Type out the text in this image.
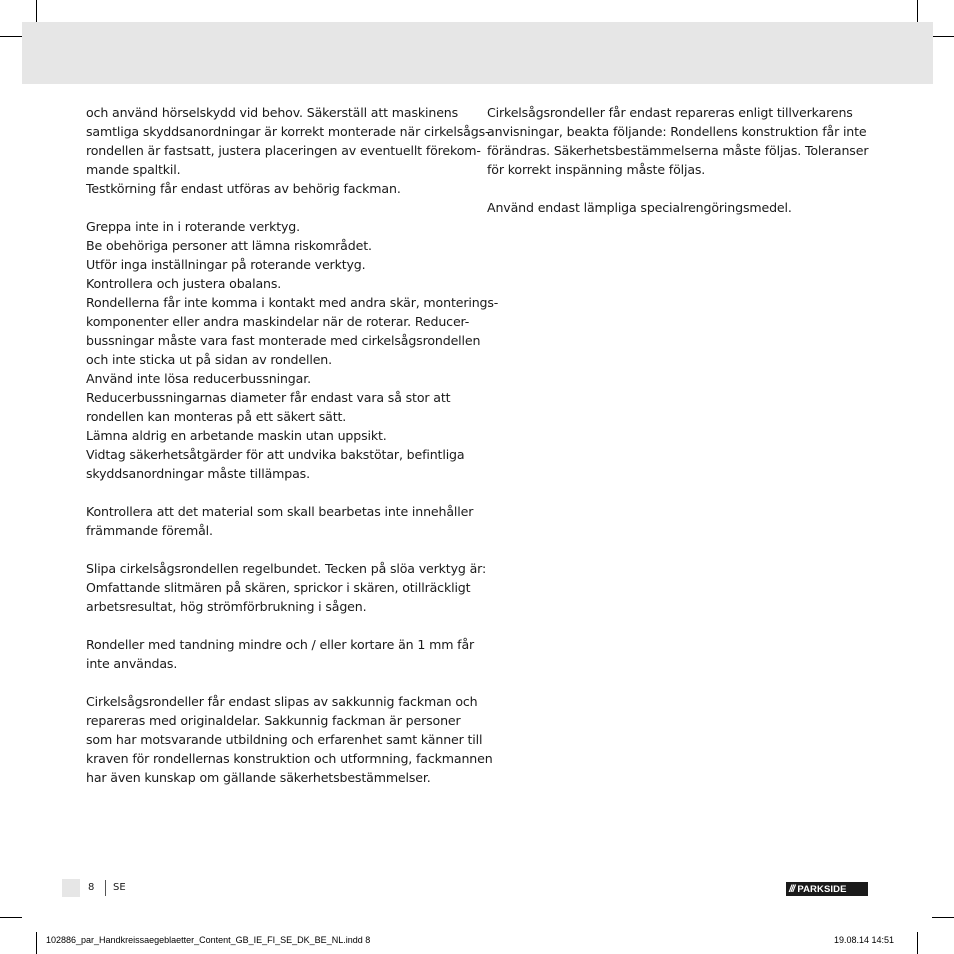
och använd hörselskydd vid behov. Säkerställ att maskinens
samtliga skyddsanordningar är korrekt monterade när cirkelsågs-
rondellen är fastsatt, justera placeringen av eventuellt förekom-
mande spaltkil.
Testkörning får endast utföras av behörig fackman.
Greppa inte in i roterande verktyg.
Be obehöriga personer att lämna riskområdet.
Utför inga inställningar på roterande verktyg.
Kontrollera och justera obalans.
Rondellerna får inte komma i kontakt med andra skär, monterings-
komponenter eller andra maskindelar när de roterar. Reducer-
bussningar måste vara fast monterade med cirkelsågsrondellen
och inte sticka ut på sidan av rondellen.
Använd inte lösa reducerbussningar.
Reducerbussningarnas diameter får endast vara så stor att
rondellen kan monteras på ett säkert sätt.
Lämna aldrig en arbetande maskin utan uppsikt.
Vidtag säkerhetsåtgärder för att undvika bakstötar, befintliga
skyddsanordningar måste tillämpas.
Kontrollera att det material som skall bearbetas inte innehåller
främmande föremål.
Slipa cirkelsågsrondellen regelbundet. Tecken på slöa verktyg är:
Omfattande slitmären på skären, sprickor i skären, otillräckligt
arbetsresultat, hög strömförbrukning i sågen.
Rondeller med tandning mindre och / eller kortare än 1 mm får
inte användas.
Cirkelsågsrondeller får endast slipas av sakkunnig fackman och
repareras med originaldelar. Sakkunnig fackman är personer
som har motsvarande utbildning och erfarenhet samt känner till
kraven för rondellernas konstruktion och utformning, fackmannen
har även kunskap om gällande säkerhetsbestämmelser.
Cirkelsågsrondeller får endast repareras enligt tillverkarens
anvisningar, beakta följande: Rondellens konstruktion får inte
förändras. Säkerhetsbestämmelserna måste följas. Toleranser
för korrekt inspänning måste följas.
Använd endast lämpliga specialrengöringsmedel.
8 SE	/// PARKSIDE
102886_par_Handkreissaegeblaetter_Content_GB_IE_FI_SE_DK_BE_NL.indd 8	19.08.14 14:51
